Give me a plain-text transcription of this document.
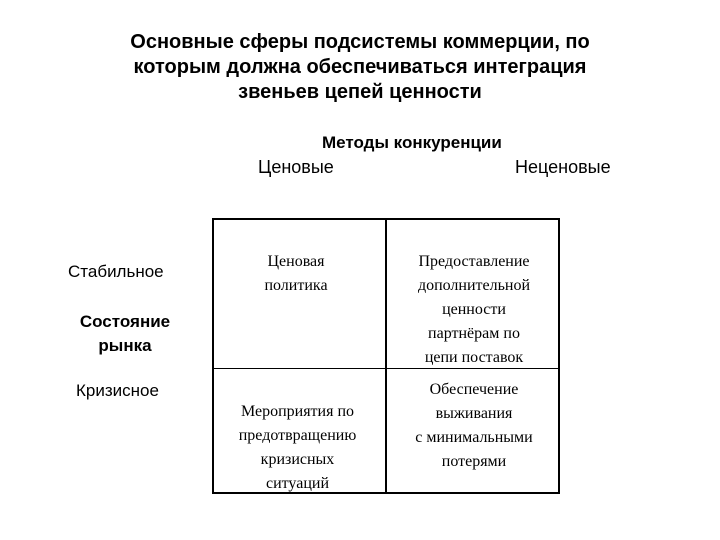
Основные сферы подсистемы коммерции, по
которым должна обеспечиваться интеграция
звеньев цепей ценности
Методы конкуренции
Ценовые	Неценовые
Стабильное
Состояние
рынка
Кризисное
Ценовая
политика
Предоставление
дополнительной
ценности
партнёрам по
цепи поставок
Мероприятия по
предотвращению
кризисных
ситуаций
Обеспечение
выживания
с минимальными
потерями
